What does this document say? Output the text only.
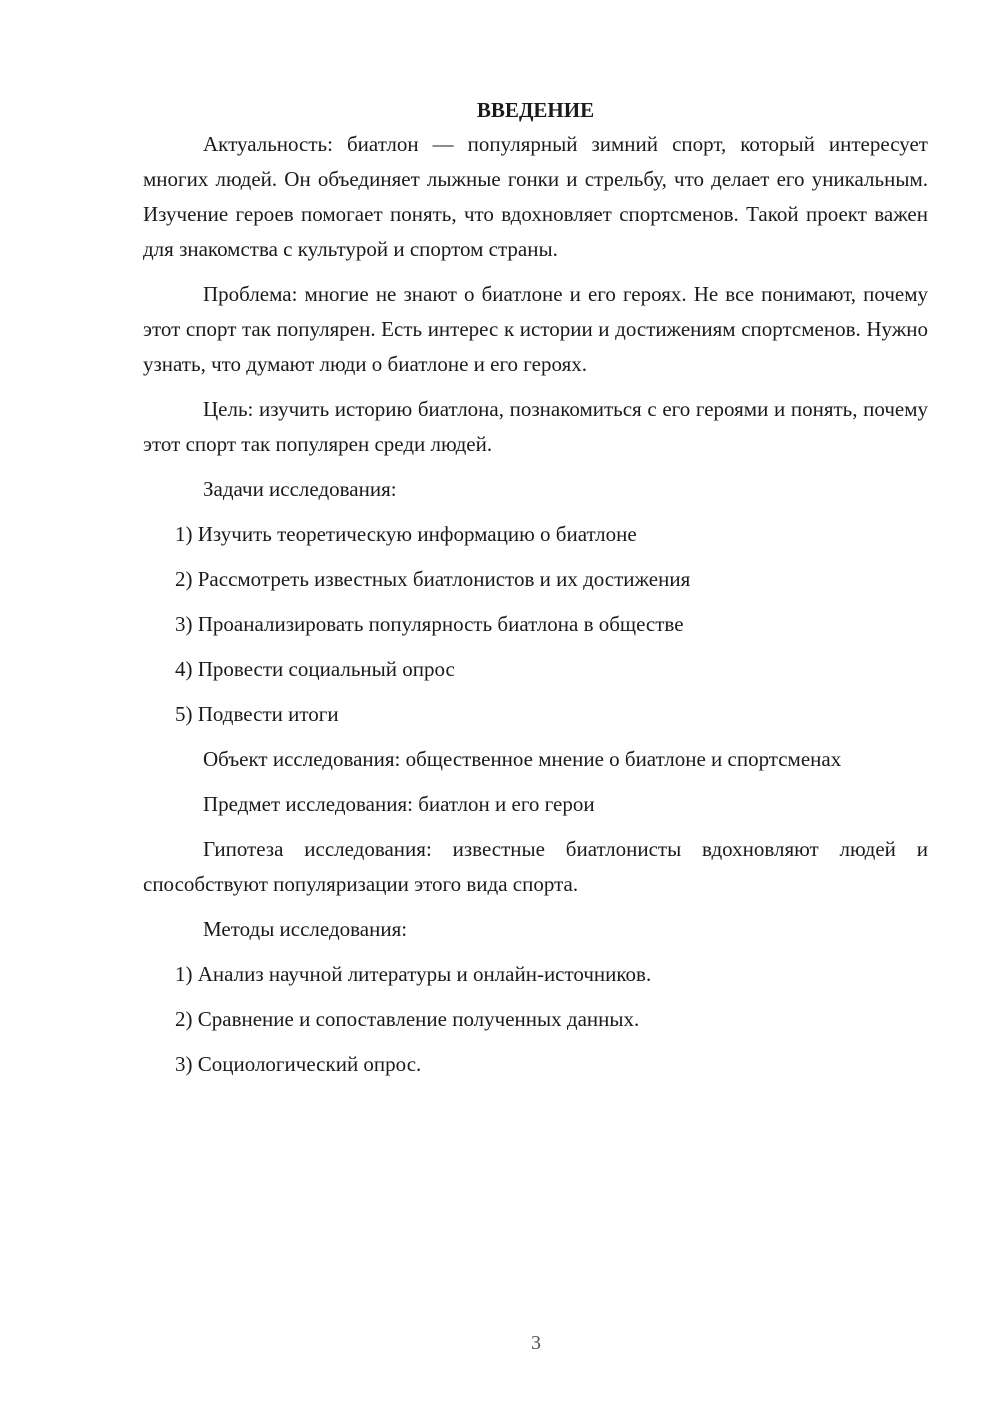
ВВЕДЕНИЕ

Актуальность: биатлон — популярный зимний спорт, который интересует многих людей. Он объединяет лыжные гонки и стрельбу, что делает его уникальным. Изучение героев помогает понять, что вдохновляет спортсменов. Такой проект важен для знакомства с культурой и спортом страны.

Проблема: многие не знают о биатлоне и его героях. Не все понимают, почему этот спорт так популярен. Есть интерес к истории и достижениям спортсменов. Нужно узнать, что думают люди о биатлоне и его героях.

Цель: изучить историю биатлона, познакомиться с его героями и понять, почему этот спорт так популярен среди людей.

Задачи исследования:

1) Изучить теоретическую информацию о биатлоне

2) Рассмотреть известных биатлонистов и их достижения

3) Проанализировать популярность биатлона в обществе

4) Провести социальный опрос

5) Подвести итоги

Объект исследования: общественное мнение о биатлоне и спортсменах

Предмет исследования: биатлон и его герои

Гипотеза исследования: известные биатлонисты вдохновляют людей и способствуют популяризации этого вида спорта.

Методы исследования:

1) Анализ научной литературы и онлайн-источников.

2) Сравнение и сопоставление полученных данных.

3) Социологический опрос.

3
